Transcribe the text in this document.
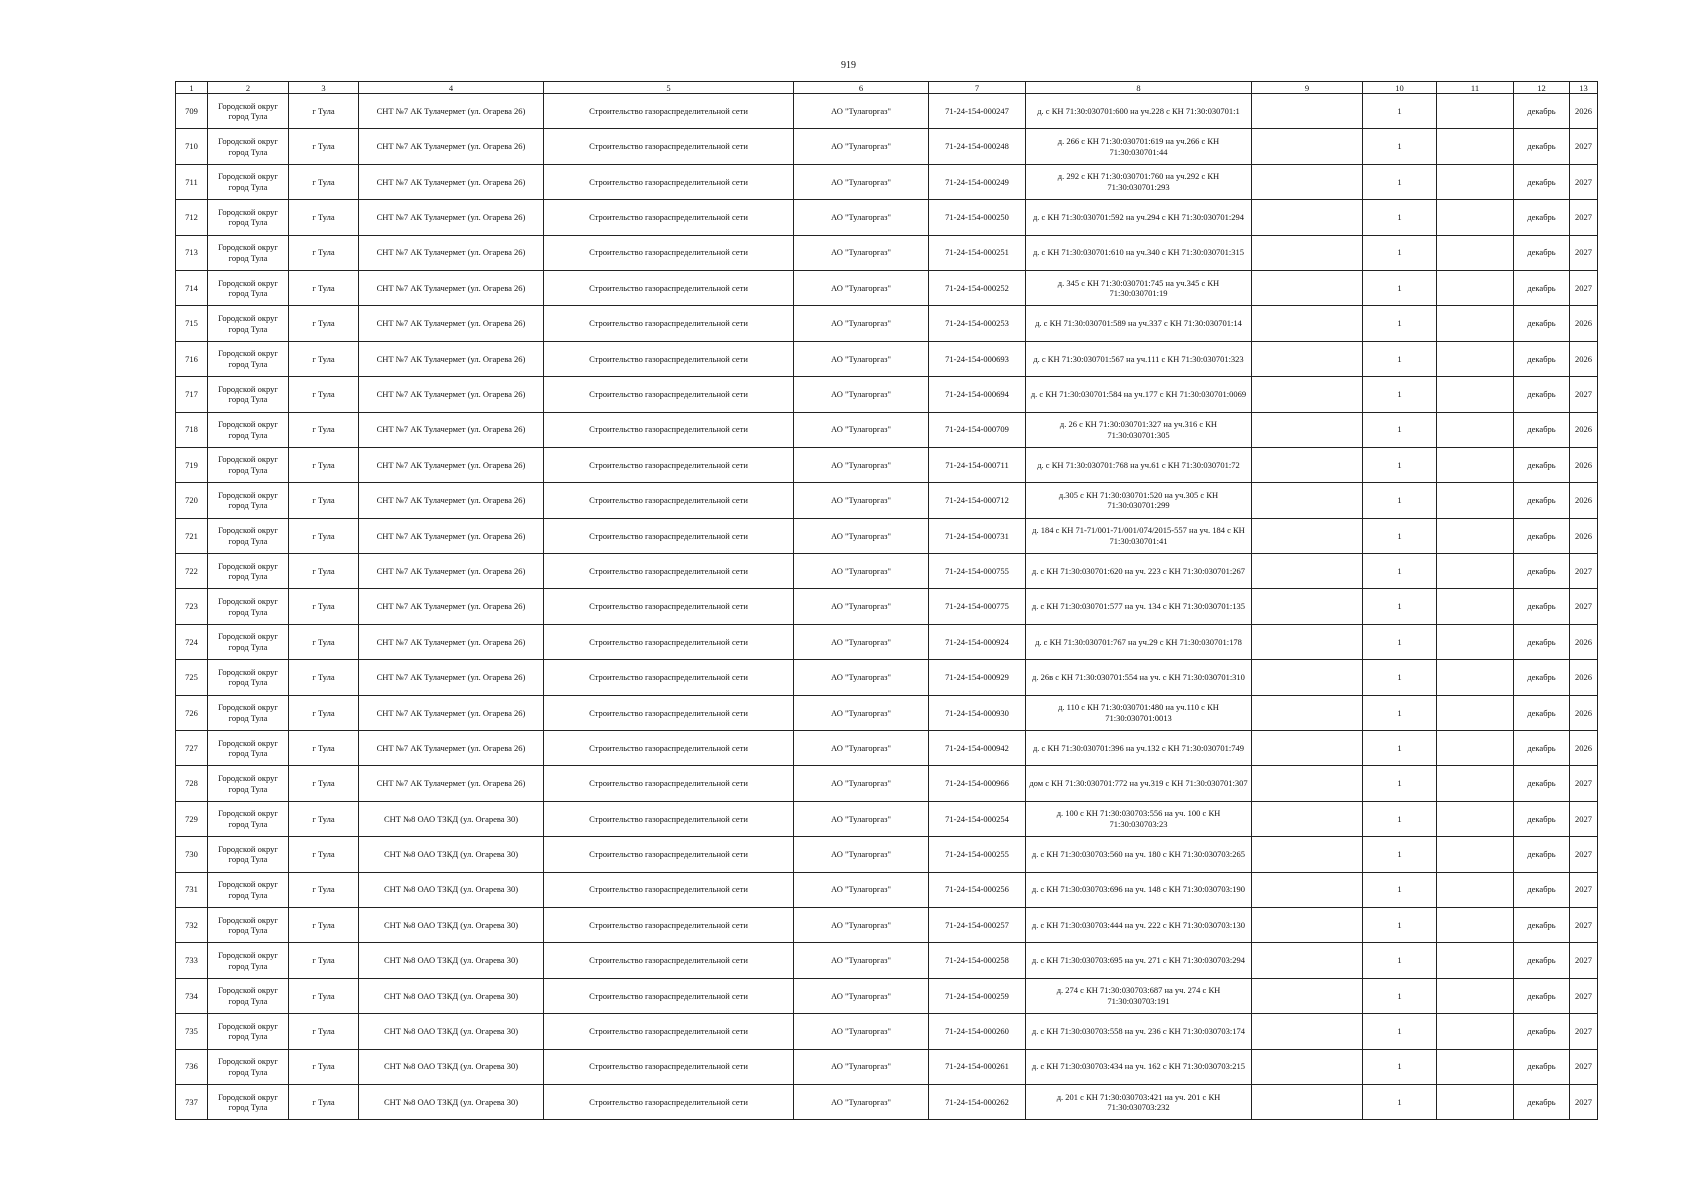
919
1	2	3	4	5	6	7	8	9	10	11	12	13
709	Городской округ город Тула	г Тула	СНТ №7 АК Тулачермет (ул. Огарева 26)	Строительство газораспределительной сети	АО "Тулагоргаз"	71-24-154-000247	д. с КН 71:30:030701:600 на уч.228 с КН 71:30:030701:1		1		декабрь	2026
710	Городской округ город Тула	г Тула	СНТ №7 АК Тулачермет (ул. Огарева 26)	Строительство газораспределительной сети	АО "Тулагоргаз"	71-24-154-000248	д. 266 с КН 71:30:030701:619 на уч.266 с КН 71:30:030701:44		1		декабрь	2027
711	Городской округ город Тула	г Тула	СНТ №7 АК Тулачермет (ул. Огарева 26)	Строительство газораспределительной сети	АО "Тулагоргаз"	71-24-154-000249	д. 292 с КН 71:30:030701:760 на уч.292 с КН 71:30:030701:293		1		декабрь	2027
712	Городской округ город Тула	г Тула	СНТ №7 АК Тулачермет (ул. Огарева 26)	Строительство газораспределительной сети	АО "Тулагоргаз"	71-24-154-000250	д. с КН 71:30:030701:592 на уч.294 с КН 71:30:030701:294		1		декабрь	2027
713	Городской округ город Тула	г Тула	СНТ №7 АК Тулачермет (ул. Огарева 26)	Строительство газораспределительной сети	АО "Тулагоргаз"	71-24-154-000251	д. с КН 71:30:030701:610 на уч.340 с КН 71:30:030701:315		1		декабрь	2027
714	Городской округ город Тула	г Тула	СНТ №7 АК Тулачермет (ул. Огарева 26)	Строительство газораспределительной сети	АО "Тулагоргаз"	71-24-154-000252	д. 345 с КН 71:30:030701:745 на уч.345 с КН 71:30:030701:19		1		декабрь	2027
715	Городской округ город Тула	г Тула	СНТ №7 АК Тулачермет (ул. Огарева 26)	Строительство газораспределительной сети	АО "Тулагоргаз"	71-24-154-000253	д. с КН 71:30:030701:589 на уч.337 с КН 71:30:030701:14		1		декабрь	2026
716	Городской округ город Тула	г Тула	СНТ №7 АК Тулачермет (ул. Огарева 26)	Строительство газораспределительной сети	АО "Тулагоргаз"	71-24-154-000693	д. с КН 71:30:030701:567 на уч.111 с КН 71:30:030701:323		1		декабрь	2026
717	Городской округ город Тула	г Тула	СНТ №7 АК Тулачермет (ул. Огарева 26)	Строительство газораспределительной сети	АО "Тулагоргаз"	71-24-154-000694	д. с КН 71:30:030701:584 на уч.177 с КН 71:30:030701:0069		1		декабрь	2027
718	Городской округ город Тула	г Тула	СНТ №7 АК Тулачермет (ул. Огарева 26)	Строительство газораспределительной сети	АО "Тулагоргаз"	71-24-154-000709	д. 26 с КН 71:30:030701:327 на уч.316 с КН 71:30:030701:305		1		декабрь	2026
719	Городской округ город Тула	г Тула	СНТ №7 АК Тулачермет (ул. Огарева 26)	Строительство газораспределительной сети	АО "Тулагоргаз"	71-24-154-000711	д. с КН 71:30:030701:768 на уч.61 с КН 71:30:030701:72		1		декабрь	2026
720	Городской округ город Тула	г Тула	СНТ №7 АК Тулачермет (ул. Огарева 26)	Строительство газораспределительной сети	АО "Тулагоргаз"	71-24-154-000712	д.305 с КН 71:30:030701:520 на уч.305 с КН 71:30:030701:299		1		декабрь	2026
721	Городской округ город Тула	г Тула	СНТ №7 АК Тулачермет (ул. Огарева 26)	Строительство газораспределительной сети	АО "Тулагоргаз"	71-24-154-000731	д. 184 с КН 71-71/001-71/001/074/2015-557 на уч. 184 с КН 71:30:030701:41		1		декабрь	2026
722	Городской округ город Тула	г Тула	СНТ №7 АК Тулачермет (ул. Огарева 26)	Строительство газораспределительной сети	АО "Тулагоргаз"	71-24-154-000755	д. с КН 71:30:030701:620 на уч. 223 с КН 71:30:030701:267		1		декабрь	2027
723	Городской округ город Тула	г Тула	СНТ №7 АК Тулачермет (ул. Огарева 26)	Строительство газораспределительной сети	АО "Тулагоргаз"	71-24-154-000775	д. с КН 71:30:030701:577 на уч. 134 с КН 71:30:030701:135		1		декабрь	2027
724	Городской округ город Тула	г Тула	СНТ №7 АК Тулачермет (ул. Огарева 26)	Строительство газораспределительной сети	АО "Тулагоргаз"	71-24-154-000924	д. с КН 71:30:030701:767 на уч.29 с КН 71:30:030701:178		1		декабрь	2026
725	Городской округ город Тула	г Тула	СНТ №7 АК Тулачермет (ул. Огарева 26)	Строительство газораспределительной сети	АО "Тулагоргаз"	71-24-154-000929	д. 26в с КН 71:30:030701:554 на уч. с КН 71:30:030701:310		1		декабрь	2026
726	Городской округ город Тула	г Тула	СНТ №7 АК Тулачермет (ул. Огарева 26)	Строительство газораспределительной сети	АО "Тулагоргаз"	71-24-154-000930	д. 110 с КН 71:30:030701:480 на уч.110 с КН 71:30:030701:0013		1		декабрь	2026
727	Городской округ город Тула	г Тула	СНТ №7 АК Тулачермет (ул. Огарева 26)	Строительство газораспределительной сети	АО "Тулагоргаз"	71-24-154-000942	д. с КН 71:30:030701:396 на уч.132 с КН 71:30:030701:749		1		декабрь	2026
728	Городской округ город Тула	г Тула	СНТ №7 АК Тулачермет (ул. Огарева 26)	Строительство газораспределительной сети	АО "Тулагоргаз"	71-24-154-000966	дом с КН 71:30:030701:772 на уч.319 с КН 71:30:030701:307		1		декабрь	2027
729	Городской округ город Тула	г Тула	СНТ №8 ОАО ТЗКД (ул. Огарева 30)	Строительство газораспределительной сети	АО "Тулагоргаз"	71-24-154-000254	д. 100 с КН 71:30:030703:556 на уч. 100 с КН 71:30:030703:23		1		декабрь	2027
730	Городской округ город Тула	г Тула	СНТ №8 ОАО ТЗКД (ул. Огарева 30)	Строительство газораспределительной сети	АО "Тулагоргаз"	71-24-154-000255	д. с КН 71:30:030703:560 на уч. 180 с КН 71:30:030703:265		1		декабрь	2027
731	Городской округ город Тула	г Тула	СНТ №8 ОАО ТЗКД (ул. Огарева 30)	Строительство газораспределительной сети	АО "Тулагоргаз"	71-24-154-000256	д. с КН 71:30:030703:696 на уч. 148 с КН 71:30:030703:190		1		декабрь	2027
732	Городской округ город Тула	г Тула	СНТ №8 ОАО ТЗКД (ул. Огарева 30)	Строительство газораспределительной сети	АО "Тулагоргаз"	71-24-154-000257	д. с КН 71:30:030703:444 на уч. 222 с КН 71:30:030703:130		1		декабрь	2027
733	Городской округ город Тула	г Тула	СНТ №8 ОАО ТЗКД (ул. Огарева 30)	Строительство газораспределительной сети	АО "Тулагоргаз"	71-24-154-000258	д. с КН 71:30:030703:695 на уч. 271 с КН 71:30:030703:294		1		декабрь	2027
734	Городской округ город Тула	г Тула	СНТ №8 ОАО ТЗКД (ул. Огарева 30)	Строительство газораспределительной сети	АО "Тулагоргаз"	71-24-154-000259	д. 274 с КН 71:30:030703:687 на уч. 274 с КН 71:30:030703:191		1		декабрь	2027
735	Городской округ город Тула	г Тула	СНТ №8 ОАО ТЗКД (ул. Огарева 30)	Строительство газораспределительной сети	АО "Тулагоргаз"	71-24-154-000260	д. с КН 71:30:030703:558 на уч. 236 с КН 71:30:030703:174		1		декабрь	2027
736	Городской округ город Тула	г Тула	СНТ №8 ОАО ТЗКД (ул. Огарева 30)	Строительство газораспределительной сети	АО "Тулагоргаз"	71-24-154-000261	д. с КН 71:30:030703:434 на уч. 162 с КН 71:30:030703:215		1		декабрь	2027
737	Городской округ город Тула	г Тула	СНТ №8 ОАО ТЗКД (ул. Огарева 30)	Строительство газораспределительной сети	АО "Тулагоргаз"	71-24-154-000262	д. 201 с КН 71:30:030703:421 на уч. 201 с КН 71:30:030703:232		1		декабрь	2027
